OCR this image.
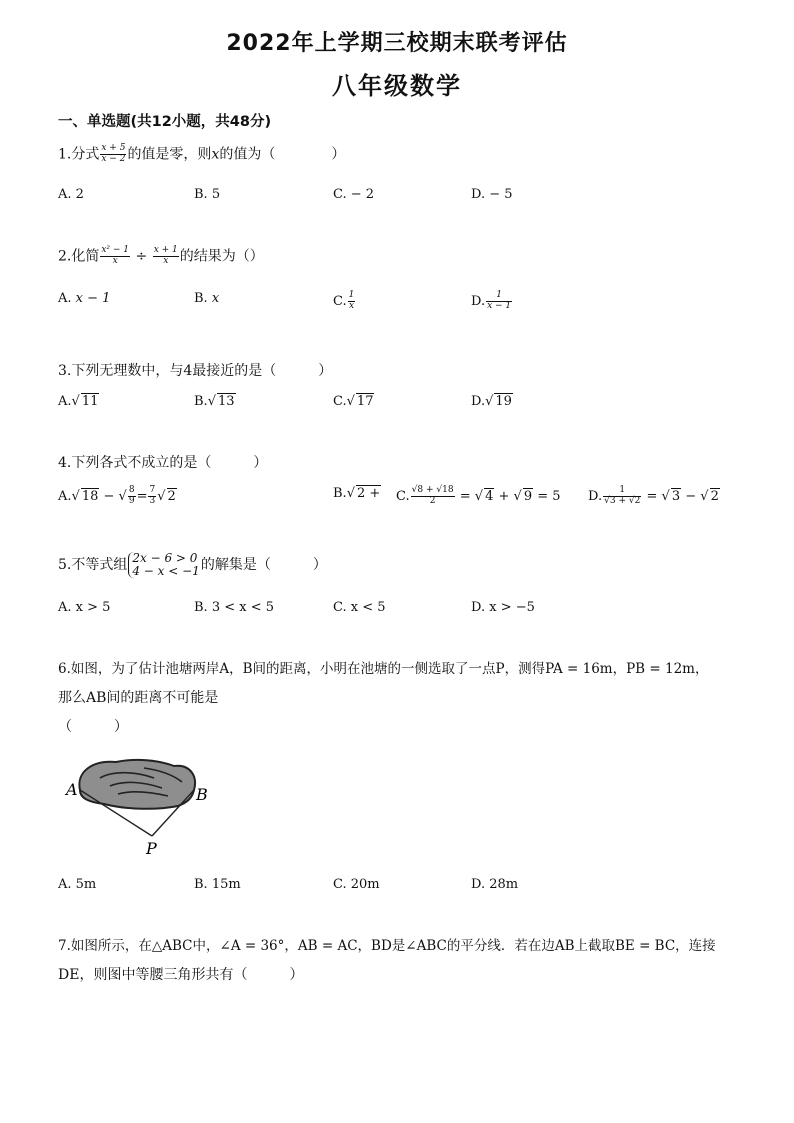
2022年上学期三校期末联考评估
八年级数学
一、单选题(共12小题，共48分)
1.分式 $\frac{x + 5}{x - 2}$ 的值是零，则x的值为（　　　　）
A. 2	B. 5	C. − 2	D. − 5
2.化简 $\frac{\text{x² − 1}}{x} \div \frac{x + 1}{x}$ 的结果为（）
A. x − 1	B. x	C. $\frac{1}{x}$	D. $\frac{1}{x - 1}$
3.下列无理数中，与4最接近的是（　　　）
A.√ 11	B.√ 13	C.√ 17	D.√ 19
4.下列各式不成立的是（　　　）
A.√ 18 − √ $\frac{8}{9} = \frac{7}{3}$ √ 2	B.√ 2 + C. $\frac{√8 + √18}{2}$ = √ 4 + √ 9 = 5 D. $\frac{1}{√3 + √2}$ = √ 3 − √ 2
5.不等式组 2x − 6 > 0
4 − x < −1 的解集是（　　　）
A. x > 5	B. 3 < x < 5	C. x < 5	D. x > −5
6.如图，为了估计池塘两岸A，B间的距离，小明在池塘的一侧选取了一点P，测得PA = 16m，PB = 12m，
那么AB间的距离不可能是
（　　　）
A	B
P
A. 5m	B. 15m	C. 20m	D. 28m
7.如图所示，在△ABC中，∠A = 36°，AB = AC，BD是∠ABC的平分线．若在边AB上截取BE = BC，连接
DE，则图中等腰三角形共有（　　　）
